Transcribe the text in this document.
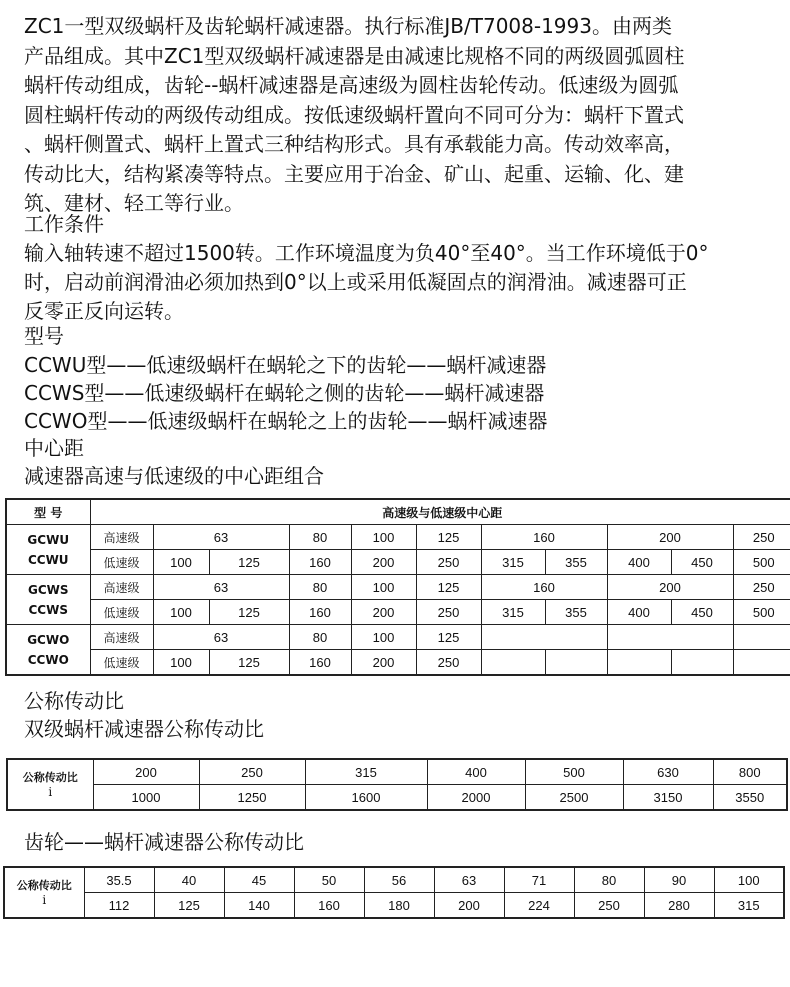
ZC1一型双级蜗杆及齿轮蜗杆减速器。执行标准JB/T7008-1993。由两类
产品组成。其中ZC1型双级蜗杆减速器是由减速比规格不同的两级圆弧圆柱
蜗杆传动组成，齿轮--蜗杆减速器是高速级为圆柱齿轮传动。低速级为圆弧
圆柱蜗杆传动的两级传动组成。按低速级蜗杆置向不同可分为：蜗杆下置式
、蜗杆侧置式、蜗杆上置式三种结构形式。具有承载能力高。传动效率高，
传动比大，结构紧凑等特点。主要应用于冶金、矿山、起重、运输、化、建
筑、建材、轻工等行业。
工作条件
输入轴转速不超过1500转。工作环境温度为负40°至40°。当工作环境低于0°
时，启动前润滑油必须加热到0°以上或采用低凝固点的润滑油。减速器可正
反零正反向运转。
型号
CCWU型——低速级蜗杆在蜗轮之下的齿轮——蜗杆减速器
CCWS型——低速级蜗杆在蜗轮之侧的齿轮——蜗杆减速器
CCWO型——低速级蜗杆在蜗轮之上的齿轮——蜗杆减速器
中心距
减速器高速与低速级的中心距组合
型 号	高速级与低速级中心距										
GCWU
CCWU	高速级	63		80	100	125	160		200		250
	低速级	100	125	160	200	250	315	355	400	450	500
GCWS
CCWS	高速级	63		80	100	125	160		200		250
	低速级	100	125	160	200	250	315	355	400	450	500
GCWO
CCWO	高速级	63		80	100	125					
	低速级	100	125	160	200	250					
公称传动比
双级蜗杆减速器公称传动比
公称传动比
i	200	250	315	400	500	630	800
	1000	1250	1600	2000	2500	3150	3550
齿轮——蜗杆减速器公称传动比
公称传动比
i	35.5	40	45	50	56	63	71	80	90	100
	112	125	140	160	180	200	224	250	280	315
